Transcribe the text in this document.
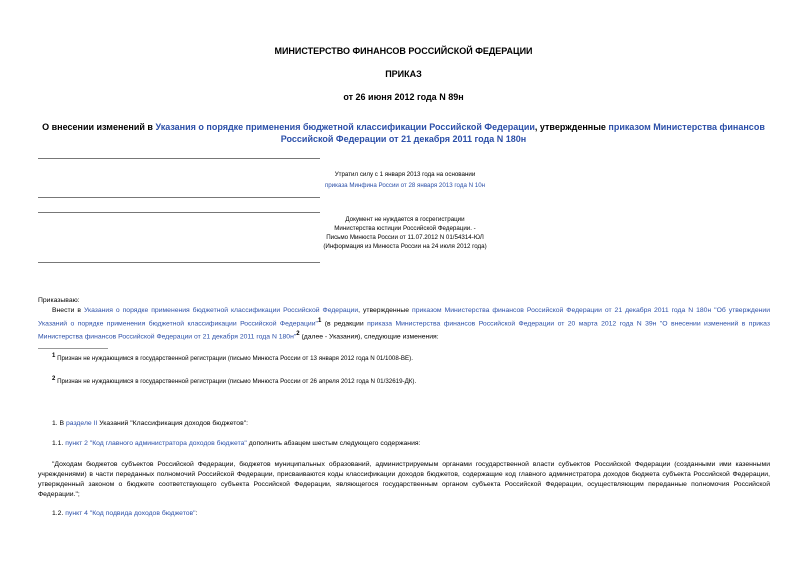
МИНИСТЕРСТВО ФИНАНСОВ РОССИЙСКОЙ ФЕДЕРАЦИИ
ПРИКАЗ
от 26 июня 2012 года N 89н
О внесении изменений в Указания о порядке применения бюджетной классификации Российской Федерации, утвержденные приказом Министерства финансов Российской Федерации от 21 декабря 2011 года N 180н
Утратил силу с 1 января 2013 года на основании
приказа Минфина России от 28 января 2013 года N 10н
Документ не нуждается в госрегистрации
Министерства юстиции Российской Федерации. -
Письмо Минюста России от 11.07.2012 N 01/54314-ЮЛ
(Информация из Минюста России на 24 июля 2012 года)
Приказываю:
Внести в Указания о порядке применения бюджетной классификации Российской Федерации, утвержденные приказом Министерства финансов Российской Федерации от 21 декабря 2011 года N 180н "Об утверждении Указаний о порядке применения бюджетной классификации Российской Федерации"$^1$ (в редакции приказа Министерства финансов Российской Федерации от 20 марта 2012 года N 39н "О внесении изменений в приказ Министерства финансов Российской Федерации от 21 декабря 2011 года N 180н"$^2$ (далее - Указания), следующие изменения:
$^1$ Признан не нуждающимся в государственной регистрации (письмо Минюста России от 13 января 2012 года N 01/1008-ВЕ).
$^2$ Признан не нуждающимся в государственной регистрации (письмо Минюста России от 26 апреля 2012 года N 01/32619-ДК).
1. В разделе II Указаний "Классификация доходов бюджетов":
1.1. пункт 2 "Код главного администратора доходов бюджета" дополнить абзацем шестым следующего содержания:
"Доходам бюджетов субъектов Российской Федерации, бюджетов муниципальных образований, администрируемым органами государственной власти субъектов Российской Федерации (созданными ими казенными учреждениями) в части переданных полномочий Российской Федерации, присваиваются коды классификации доходов бюджетов, содержащие код главного администратора доходов бюджета субъекта Российской Федерации, утвержденный законом о бюджете соответствующего субъекта Российской Федерации, являющегося государственным органом субъекта Российской Федерации, осуществляющим переданные полномочия Российской Федерации.";
1.2. пункт 4 "Код подвида доходов бюджетов":
